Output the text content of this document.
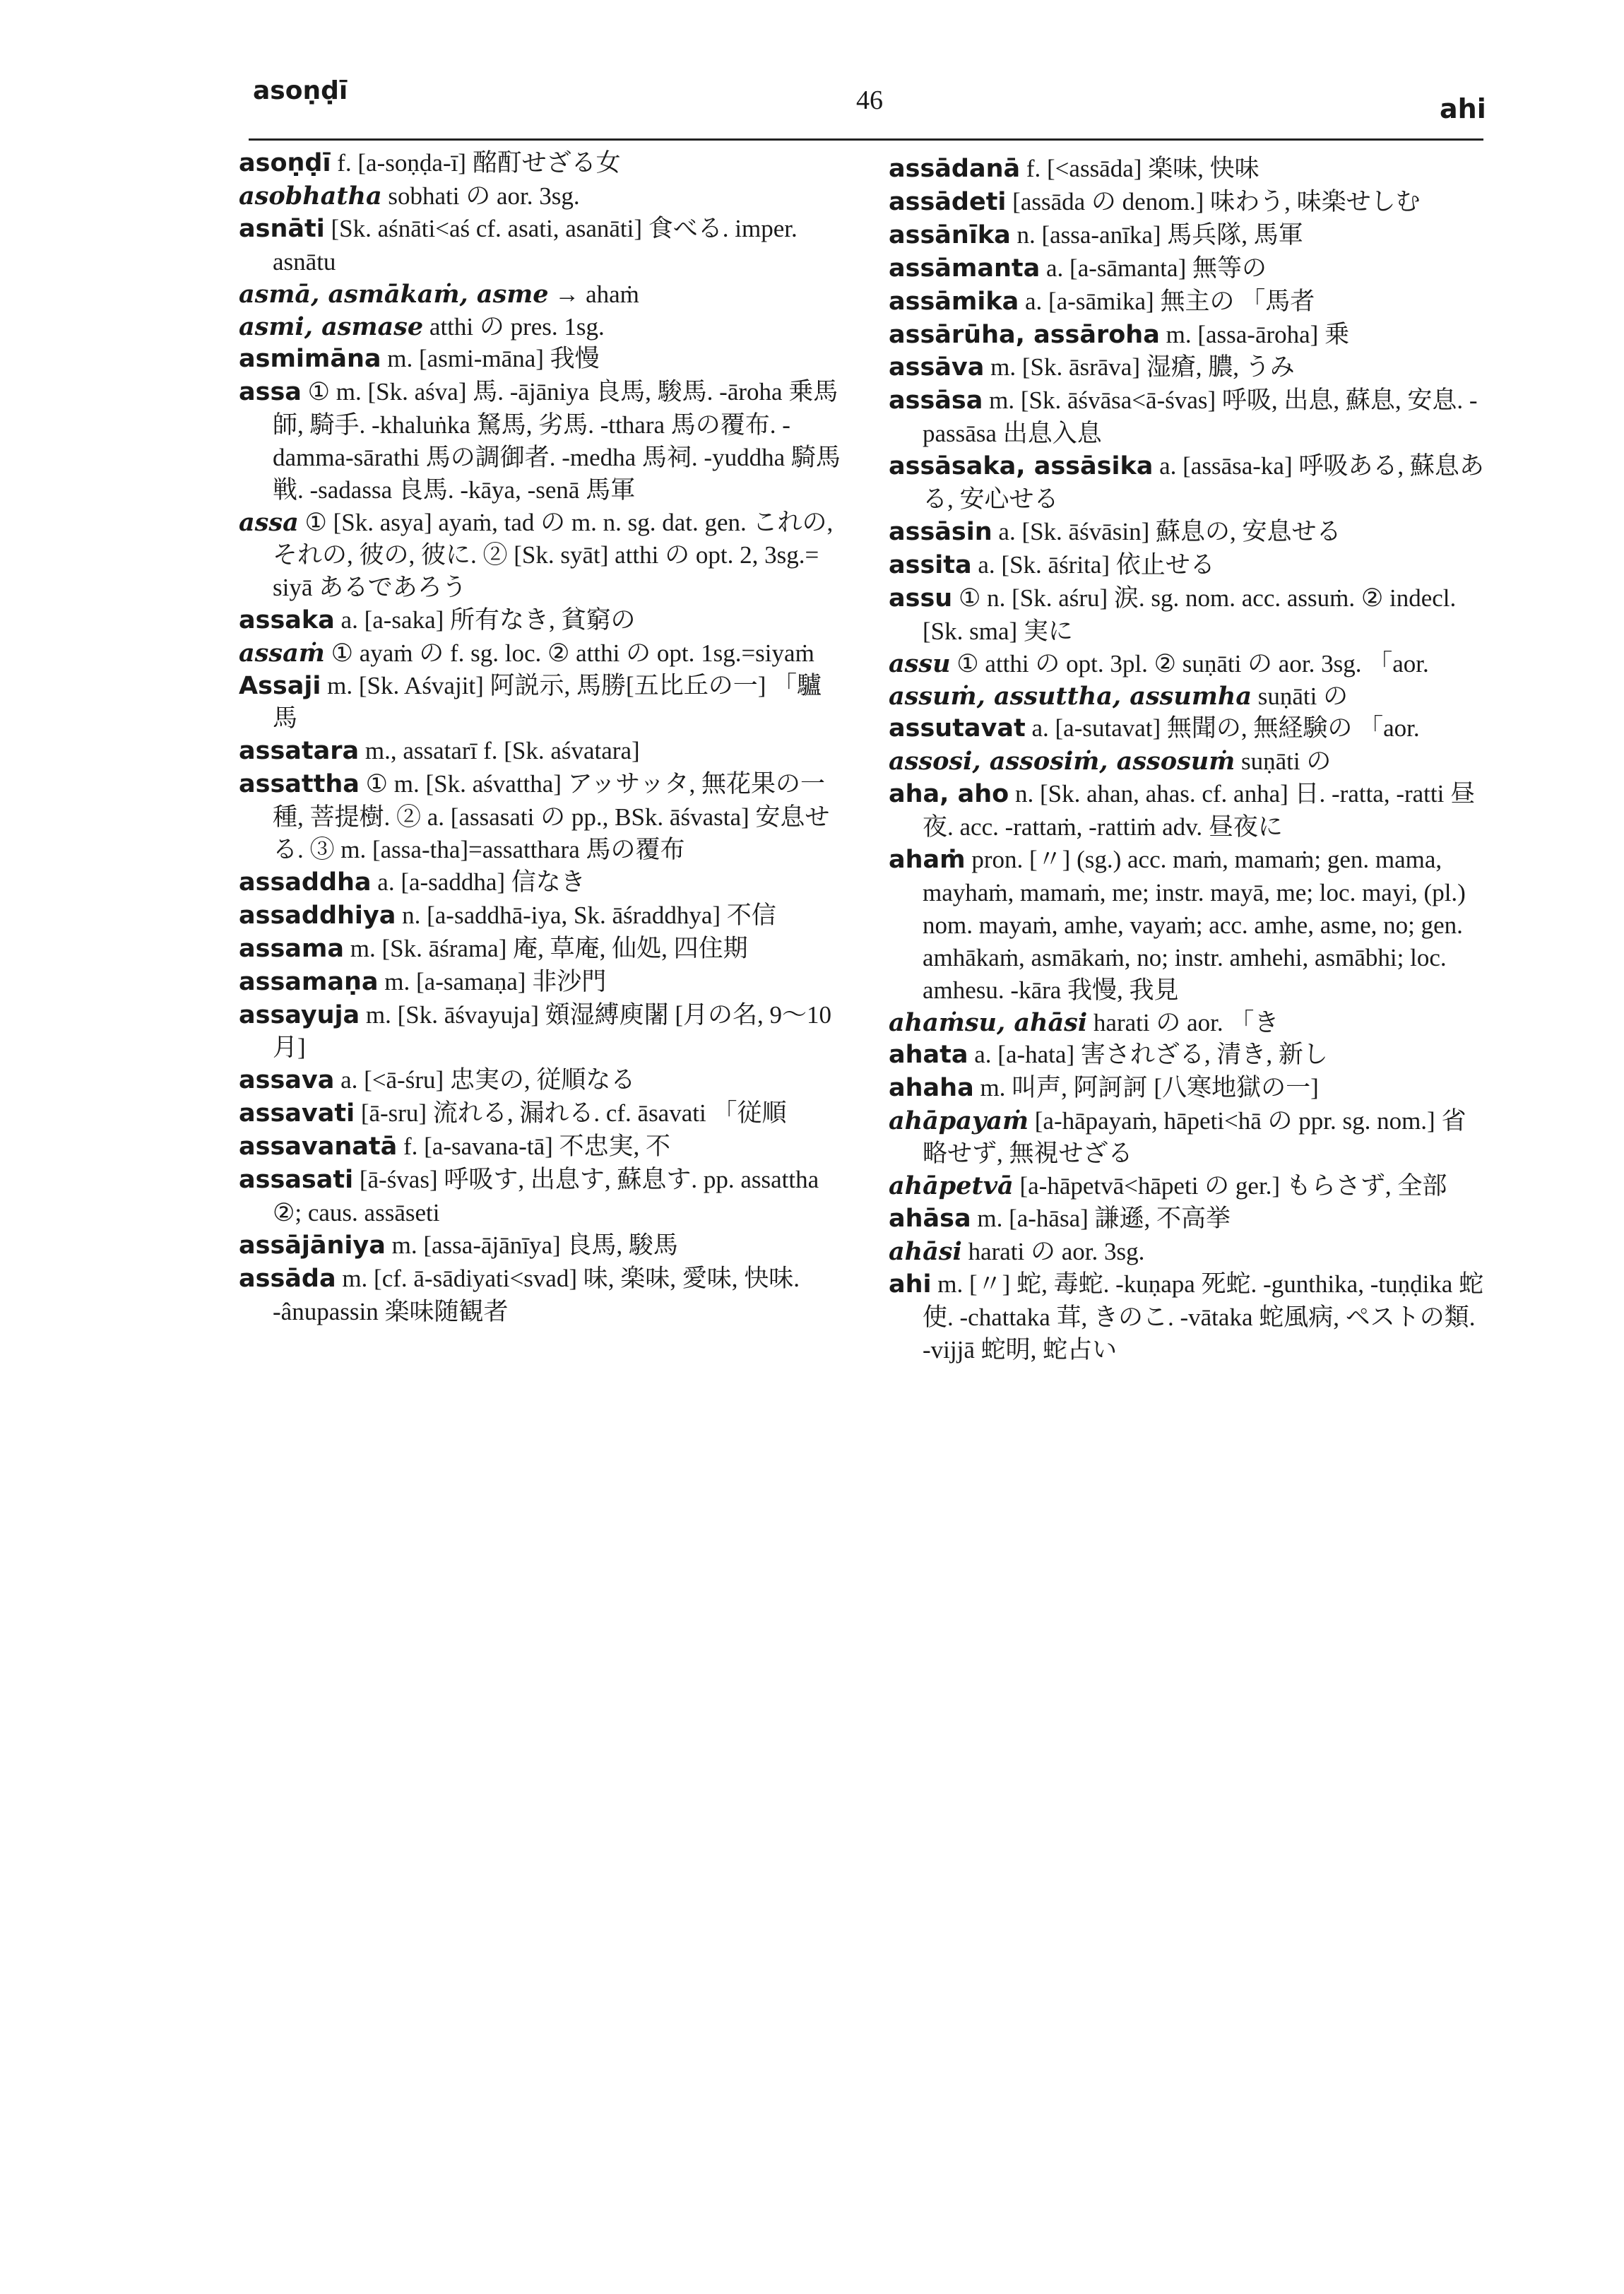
asoṇḍī	46	ahi

asoṇḍī f. [a-soṇḍa-ī] 酩酊せざる女

asobhatha sobhati の aor. 3sg.

asnāti [Sk. aśnāti<aś cf. asati, asanāti] 食べる. imper. asnātu

asmā, asmākaṁ, asme → ahaṁ

asmi, asmase atthi の pres. 1sg.

asmimāna m. [asmi-māna] 我慢

assa ① m. [Sk. aśva] 馬. -ājāniya 良馬, 駿馬. -āroha 乗馬師, 騎手. -khaluṅka 駑馬, 劣馬. -tthara 馬の覆布. -damma-sārathi 馬の調御者. -medha 馬祠. -yuddha 騎馬戦. -sadassa 良馬. -kāya, -senā 馬軍

assa ① [Sk. asya] ayaṁ, tad の m. n. sg. dat. gen. これの, それの, 彼の, 彼に. ② [Sk. syāt] atthi の opt. 2, 3sg.= siyā あるであろう

assaka a. [a-saka] 所有なき, 貧窮の

assaṁ ① ayaṁ の f. sg. loc. ② atthi の opt. 1sg.=siyaṁ

Assaji m. [Sk. Aśvajit] 阿説示, 馬勝[五比丘の一] 「驢馬

assatara m., assatarī f. [Sk. aśvatara]

assattha ① m. [Sk. aśvattha] アッサッタ, 無花果の一種, 菩提樹. ② a. [assasati の pp., BSk. āśvasta] 安息せる. ③ m. [assa-tha]=assatthara 馬の覆布

assaddha a. [a-saddha] 信なき

assaddhiya n. [a-saddhā-iya, Sk. āśraddhya] 不信

assama m. [Sk. āśrama] 庵, 草庵, 仙処, 四住期

assamaṇa m. [a-samaṇa] 非沙門

assayuja m. [Sk. āśvayuja] 頞湿縛庾闍 [月の名, 9～10 月]

assava a. [<ā-śru] 忠実の, 従順なる

assavati [ā-sru] 流れる, 漏れる. cf. āsavati 「従順

assavanatā f. [a-savana-tā] 不忠実, 不

assasati [ā-śvas] 呼吸す, 出息す, 蘇息す. pp. assattha ②; caus. assāseti

assājāniya m. [assa-ājānīya] 良馬, 駿馬

assāda m. [cf. ā-sādiyati<svad] 味, 楽味, 愛味, 快味. -ânupassin 楽味随観者

assādanā f. [<assāda] 楽味, 快味

assādeti [assāda の denom.] 味わう, 味楽せしむ

assānīka n. [assa-anīka] 馬兵隊, 馬軍

assāmanta a. [a-sāmanta] 無等の

assāmika a. [a-sāmika] 無主の 「馬者

assārūha, assāroha m. [assa-āroha] 乗

assāva m. [Sk. āsrāva] 湿瘡, 膿, うみ

assāsa m. [Sk. āśvāsa<ā-śvas] 呼吸, 出息, 蘇息, 安息. -passāsa 出息入息

assāsaka, assāsika a. [assāsa-ka] 呼吸ある, 蘇息ある, 安心せる

assāsin a. [Sk. āśvāsin] 蘇息の, 安息せる

assita a. [Sk. āśrita] 依止せる

assu ① n. [Sk. aśru] 涙. sg. nom. acc. assuṁ. ② indecl. [Sk. sma] 実に

assu ① atthi の opt. 3pl. ② suṇāti の aor. 3sg. 「aor.

assuṁ, assuttha, assumha suṇāti の

assutavat a. [a-sutavat] 無聞の, 無経験の 「aor.

assosi, assosiṁ, assosuṁ suṇāti の

aha, aho n. [Sk. ahan, ahas. cf. anha] 日. -ratta, -ratti 昼夜. acc. -rattaṁ, -rattiṁ adv. 昼夜に

ahaṁ pron. [〃] (sg.) acc. maṁ, mamaṁ; gen. mama, mayhaṁ, mamaṁ, me; instr. mayā, me; loc. mayi, (pl.) nom. mayaṁ, amhe, vayaṁ; acc. amhe, asme, no; gen. amhākaṁ, asmākaṁ, no; instr. amhehi, asmābhi; loc. amhesu. -kāra 我慢, 我見

ahaṁsu, ahāsi harati の aor. 「き

ahata a. [a-hata] 害されざる, 清き, 新し

ahaha m. 叫声, 阿訶訶 [八寒地獄の一]

ahāpayaṁ [a-hāpayaṁ, hāpeti<hā の ppr. sg. nom.] 省略せず, 無視せざる

ahāpetvā [a-hāpetvā<hāpeti の ger.] もらさず, 全部

ahāsa m. [a-hāsa] 謙遜, 不高挙

ahāsi harati の aor. 3sg.

ahi m. [〃] 蛇, 毒蛇. -kuṇapa 死蛇. -gunthika, -tuṇḍika 蛇使. -chattaka 茸, きのこ. -vātaka 蛇風病, ペストの類. -vijjā 蛇明, 蛇占い
